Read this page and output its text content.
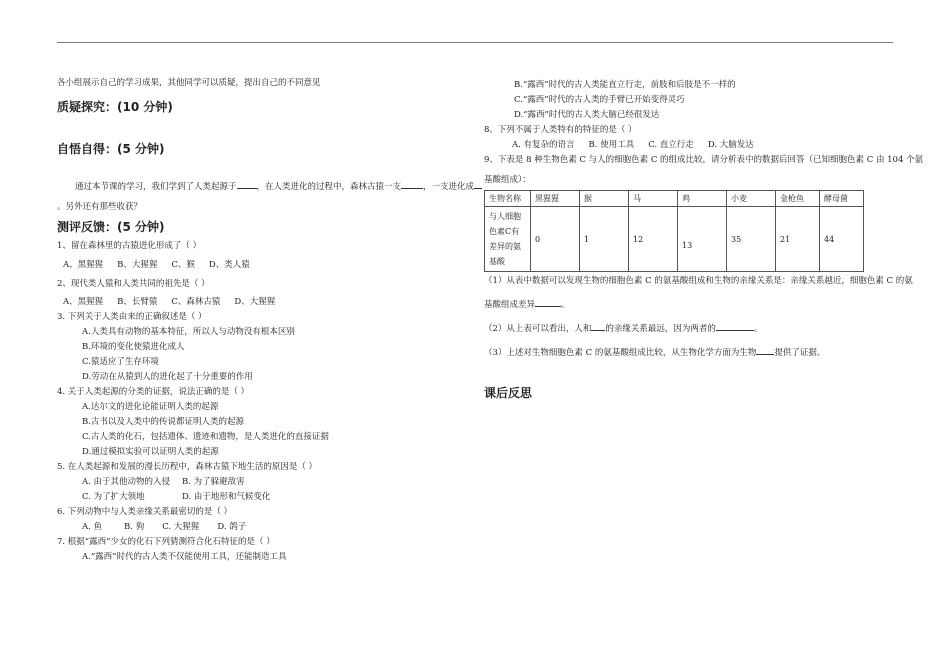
各小组展示自己的学习成果，其他同学可以质疑，提出自己的不同意见

质疑探究：(10 分钟)

自悟自得：(5 分钟)

通过本节课的学习，我们学到了人类起源于 ，在人类进化的过程中，森林古猿一支	，一支进化成

。另外还有那些收获？

测评反馈：(5 分钟)

1、留在森林里的古猿进化形成了（ ）

A、黑猩猩 B、大猩猩 C、猴 D、类人猿

2、现代类人猿和人类共同的祖先是（ ）

A、黑猩猩 B、长臂猿 C、森林古猿 D、大猩猩

3. 下列关于人类由来的正确叙述是（ ）

A.人类具有动物的基本特征，所以人与动物没有根本区别

B.环境的变化使猿进化成人

C.猿适应了生存环境

D.劳动在从猿到人的进化起了十分重要的作用

4. 关于人类起源的分类的证据，说法正确的是（ ）

A.达尔文的进化论能证明人类的起源

B.古书以及人类中的传说都证明人类的起源

C.古人类的化石，包括遗体、遗迹和遗物，是人类进化的直接证据

D.通过模拟实验可以证明人类的起源

5. 在人类起源和发展的漫长历程中，森林古猿下地生活的原因是（ ）

A. 由于其他动物的入侵 B. 为了躲避敌害

C. 为了扩大领地	D. 由于地形和气候变化

6. 下列动物中与人类亲缘关系最密切的是（ ）

A. 鱼	B. 狗 C. 大猩猩 D. 鸽子

7. 根据“露西”少女的化石下列猜测符合化石特征的是（ ）

A.“露西”时代的古人类不仅能使用工具，还能制造工具

B.“露西”时代的古人类能直立行走，前肢和后肢是不一样的

C.“露西”时代的古人类的手臂已开始变得灵巧

D.“露西”时代的古人类大脑已经很发达

8、下列不属于人类特有的特征的是（ ）

A. 有复杂的语言 B. 使用工具 C. 直立行走 D. 大脑发达

9、下表是 8 种生物色素 C 与人的细胞色素 C 的组成比较，请分析表中的数据后回答（已知细胞色素 C 由 104 个氨

基酸组成）：

生物名称	黑猩猩	猴	马	鸡	小麦	金枪鱼	酵母菌
与人细胞色素C有差异的氨基酸	0	1	12	13	35	21	44

（1）从表中数据可以发现生物的细胞色素 C 的氨基酸组成和生物的亲缘关系是：亲缘关系越近，细胞色素 C 的氨

基酸组成差异	。

（2）从上表可以看出，人和 的亲缘关系最远，因为两者的	。

（3）上述对生物细胞色素 C 的氨基酸组成比较，从生物化学方面为生物 提供了证据。

课后反思
